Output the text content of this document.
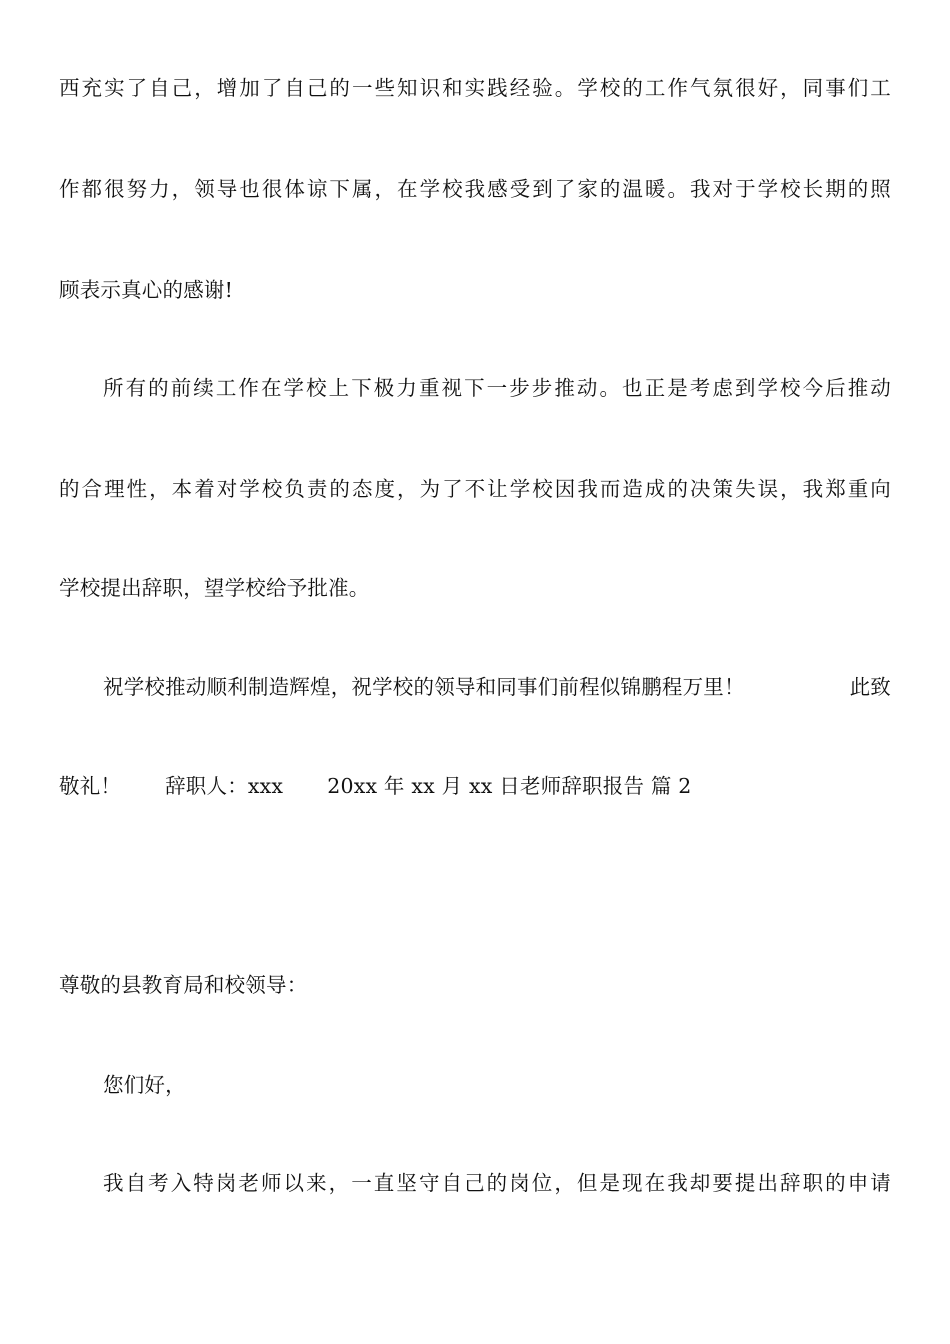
西充实了自己，增加了自己的一些知识和实践经验。学校的工作气氛很好，同事们工
作都很努力，领导也很体谅下属，在学校我感受到了家的温暖。我对于学校长期的照
顾表示真心的感谢!
所有的前续工作在学校上下极力重视下一步步推动。也正是考虑到学校今后推动
的合理性，本着对学校负责的态度，为了不让学校因我而造成的决策失误，我郑重向
学校提出辞职，望学校给予批准。
祝学校推动顺利制造辉煌，祝学校的领导和同事们前程似锦鹏程万里！	此致
敬礼！ 辞职人：xxx 20xx 年 xx 月 xx 日老师辞职报告 篇 2
尊敬的县教育局和校领导：
您们好，
我自考入特岗老师以来，一直坚守自己的岗位，但是现在我却要提出辞职的申请
